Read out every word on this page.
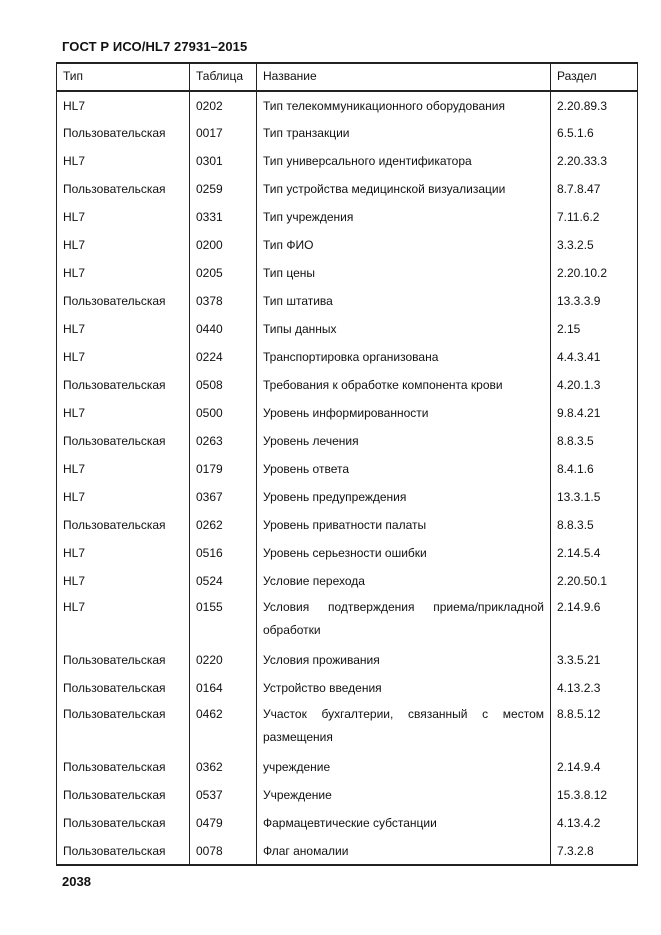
ГОСТ Р ИСО/HL7 27931–2015
Тип	Таблица	Название	Раздел
HL7	0202	Тип телекоммуникационного оборудования	2.20.89.3
Пользовательская	0017	Тип транзакции	6.5.1.6
HL7	0301	Тип универсального идентификатора	2.20.33.3
Пользовательская	0259	Тип устройства медицинской визуализации	8.7.8.47
HL7	0331	Тип учреждения	7.11.6.2
HL7	0200	Тип ФИО	3.3.2.5
HL7	0205	Тип цены	2.20.10.2
Пользовательская	0378	Тип штатива	13.3.3.9
HL7	0440	Типы данных	2.15
HL7	0224	Транспортировка организована	4.4.3.41
Пользовательская	0508	Требования к обработке компонента крови	4.20.1.3
HL7	0500	Уровень информированности	9.8.4.21
Пользовательская	0263	Уровень лечения	8.8.3.5
HL7	0179	Уровень ответа	8.4.1.6
HL7	0367	Уровень предупреждения	13.3.1.5
Пользовательская	0262	Уровень приватности палаты	8.8.3.5
HL7	0516	Уровень серьезности ошибки	2.14.5.4
HL7	0524	Условие перехода	2.20.50.1
HL7	0155	Условия подтверждения приема/прикладной обработки	2.14.9.6
Пользовательская	0220	Условия проживания	3.3.5.21
Пользовательская	0164	Устройство введения	4.13.2.3
Пользовательская	0462	Участок бухгалтерии, связанный с местом размещения	8.8.5.12
Пользовательская	0362	учреждение	2.14.9.4
Пользовательская	0537	Учреждение	15.3.8.12
Пользовательская	0479	Фармацевтические субстанции	4.13.4.2
Пользовательская	0078	Флаг аномалии	7.3.2.8
2038
